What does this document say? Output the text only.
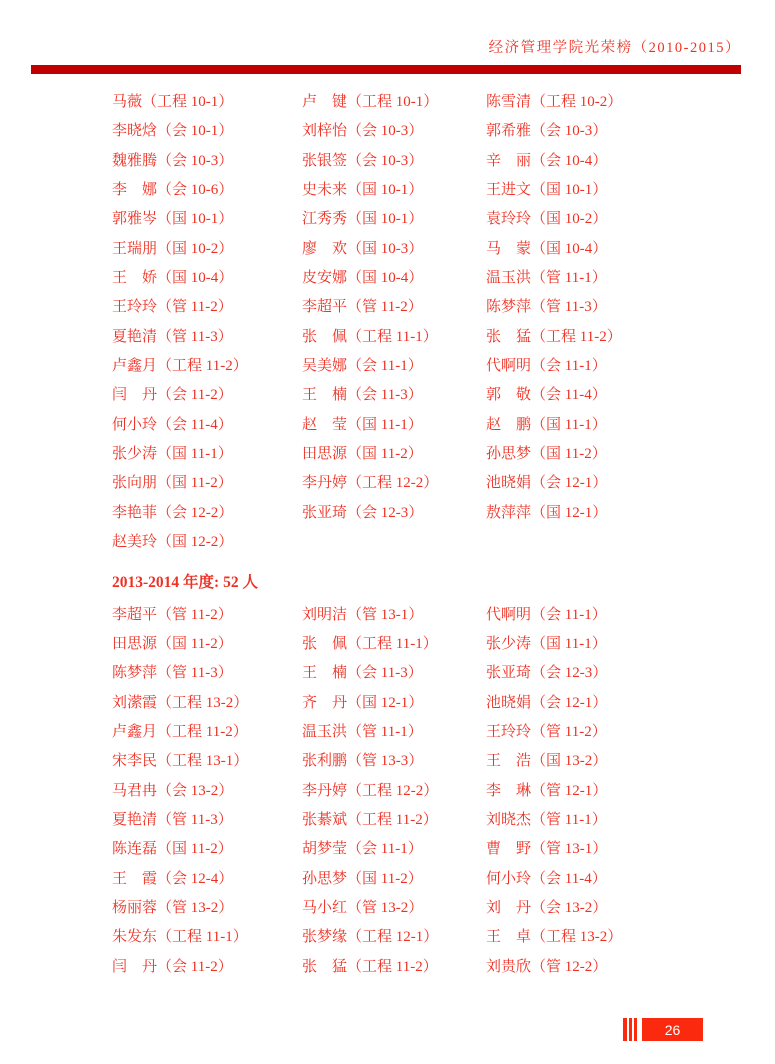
经济管理学院光荣榜（2010-2015）
马薇（工程 10-1）	卢　键（工程 10-1）	陈雪清（工程 10-2）
李晓焓（会 10-1）	刘梓怡（会 10-3）	郭希雅（会 10-3）
魏雅腾（会 10-3）	张银签（会 10-3）	辛　丽（会 10-4）
李　娜（会 10-6）	史未来（国 10-1）	王进文（国 10-1）
郭雅岑（国 10-1）	江秀秀（国 10-1）	袁玲玲（国 10-2）
王瑞朋（国 10-2）	廖　欢（国 10-3）	马　蒙（国 10-4）
王　娇（国 10-4）	皮安娜（国 10-4）	温玉洪（管 11-1）
王玲玲（管 11-2）	李超平（管 11-2）	陈梦萍（管 11-3）
夏艳清（管 11-3）	张　佩（工程 11-1）	张　猛（工程 11-2）
卢鑫月（工程 11-2）	吴美娜（会 11-1）	代啊明（会 11-1）
闫　丹（会 11-2）	王　楠（会 11-3）	郭　敬（会 11-4）
何小玲（会 11-4）	赵　莹（国 11-1）	赵　鹏（国 11-1）
张少涛（国 11-1）	田思源（国 11-2）	孙思梦（国 11-2）
张向朋（国 11-2）	李丹婷（工程 12-2）	池晓娟（会 12-1）
李艳菲（会 12-2）	张亚琦（会 12-3）	敖萍萍（国 12-1）
赵美玲（国 12-2）
2013-2014 年度: 52 人
李超平（管 11-2）	刘明洁（管 13-1）	代啊明（会 11-1）
田思源（国 11-2）	张　佩（工程 11-1）	张少涛（国 11-1）
陈梦萍（管 11-3）	王　楠（会 11-3）	张亚琦（会 12-3）
刘潆霞（工程 13-2）	齐　丹（国 12-1）	池晓娟（会 12-1）
卢鑫月（工程 11-2）	温玉洪（管 11-1）	王玲玲（管 11-2）
宋李民（工程 13-1）	张利鹏（管 13-3）	王　浩（国 13-2）
马君冉（会 13-2）	李丹婷（工程 12-2）	李　琳（管 12-1）
夏艳清（管 11-3）	张綦斌（工程 11-2）	刘晓杰（管 11-1）
陈连磊（国 11-2）	胡梦莹（会 11-1）	曹　野（管 13-1）
王　霞（会 12-4）	孙思梦（国 11-2）	何小玲（会 11-4）
杨丽蓉（管 13-2）	马小红（管 13-2）	刘　丹（会 13-2）
朱发东（工程 11-1）	张梦缘（工程 12-1）	王　卓（工程 13-2）
闫　丹（会 11-2）	张　猛（工程 11-2）	刘贵欣（管 12-2）
26
